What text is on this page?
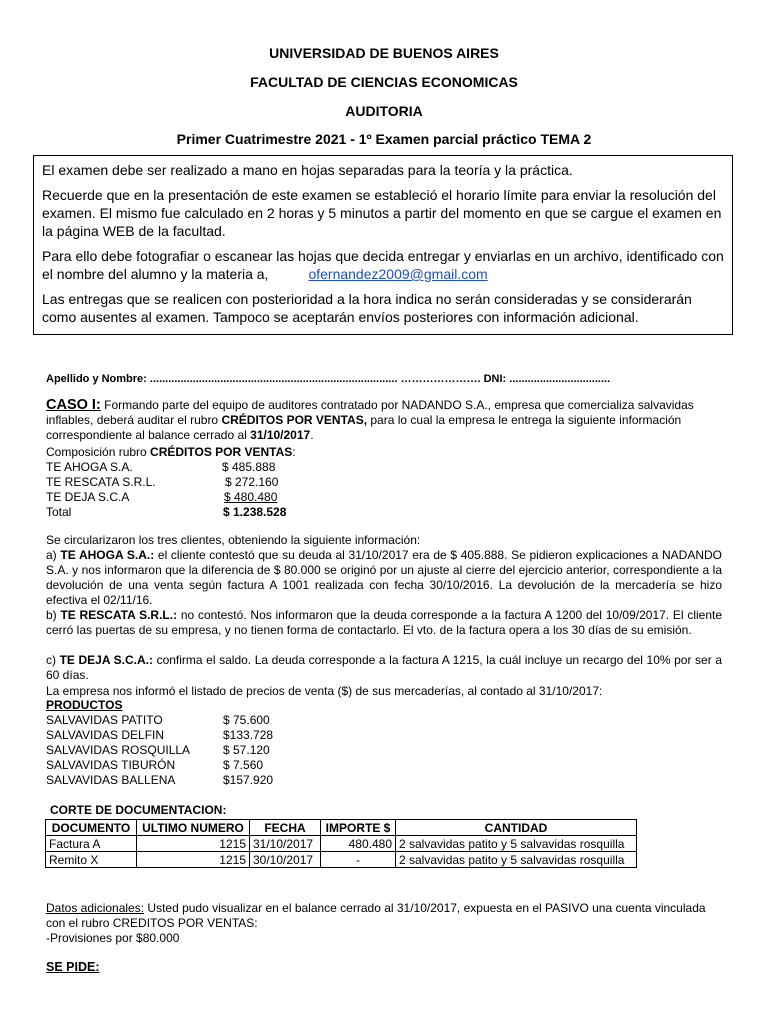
UNIVERSIDAD DE BUENOS AIRES
FACULTAD DE CIENCIAS ECONOMICAS
AUDITORIA
Primer Cuatrimestre 2021 - 1º Examen parcial práctico TEMA 2

El examen debe ser realizado a mano en hojas separadas para la teoría y la práctica.

Recuerde que en la presentación de este examen se estableció el horario límite para enviar la resolución del examen. El mismo fue calculado en 2 horas y 5 minutos a partir del momento en que se cargue el examen en la página WEB de la facultad.

Para ello debe fotografiar o escanear las hojas que decida entregar y enviarlas en un archivo, identificado con el nombre del alumno y la materia a,	ofernandez2009@gmail.com

Las entregas que se realicen con posterioridad a la hora indica no serán consideradas y se considerarán como ausentes al examen. Tampoco se aceptarán envíos posteriores con información adicional.

Apellido y Nombre: ................................................................................. …………………. DNI: .................................
CASO I: Formando parte del equipo de auditores contratado por NADANDO S.A., empresa que comercializa salvavidas inflables, deberá auditar el rubro CRÉDITOS POR VENTAS, para lo cual la empresa le entrega la siguiente información correspondiente al balance cerrado al 31/10/2017.
Composición rubro CRÉDITOS POR VENTAS:
TE AHOGA S.A.	$ 485.888
TE RESCATA S.R.L.	$ 272.160
TE DEJA S.C.A	$ 480.480
Total	$ 1.238.528
Se circularizaron los tres clientes, obteniendo la siguiente información:
a) TE AHOGA S.A.: el cliente contestó que su deuda al 31/10/2017 era de $ 405.888. Se pidieron explicaciones a NADANDO S.A. y nos informaron que la diferencia de $ 80.000 se originó por un ajuste al cierre del ejercicio anterior, correspondiente a la devolución de una venta según factura A 1001 realizada con fecha 30/10/2016. La devolución de la mercadería se hizo efectiva el 02/11/16.
b) TE RESCATA S.R.L.: no contestó. Nos informaron que la deuda corresponde a la factura A 1200 del 10/09/2017. El cliente cerró las puertas de su empresa, y no tienen forma de contactarlo. El vto. de la factura opera a los 30 días de su emisión.
c) TE DEJA S.C.A.: confirma el saldo. La deuda corresponde a la factura A 1215, la cuál incluye un recargo del 10% por ser a 60 días.
La empresa nos informó el listado de precios de venta ($) de sus mercaderías, al contado al 31/10/2017:
PRODUCTOS
SALVAVIDAS PATITO	$ 75.600
SALVAVIDAS DELFIN	$133.728
SALVAVIDAS ROSQUILLA	$ 57.120
SALVAVIDAS TIBURÓN	$ 7.560
SALVAVIDAS BALLENA	$157.920
CORTE DE DOCUMENTACION:
DOCUMENTO	ULTIMO NUMERO	FECHA	IMPORTE $	CANTIDAD
Factura A	1215	31/10/2017	480.480	2 salvavidas patito y 5 salvavidas rosquilla
Remito X	1215	30/10/2017	-	2 salvavidas patito y 5 salvavidas rosquilla
Datos adicionales: Usted pudo visualizar en el balance cerrado al 31/10/2017, expuesta en el PASIVO una cuenta vinculada con el rubro CREDITOS POR VENTAS:
-Provisiones por $80.000
SE PIDE:
